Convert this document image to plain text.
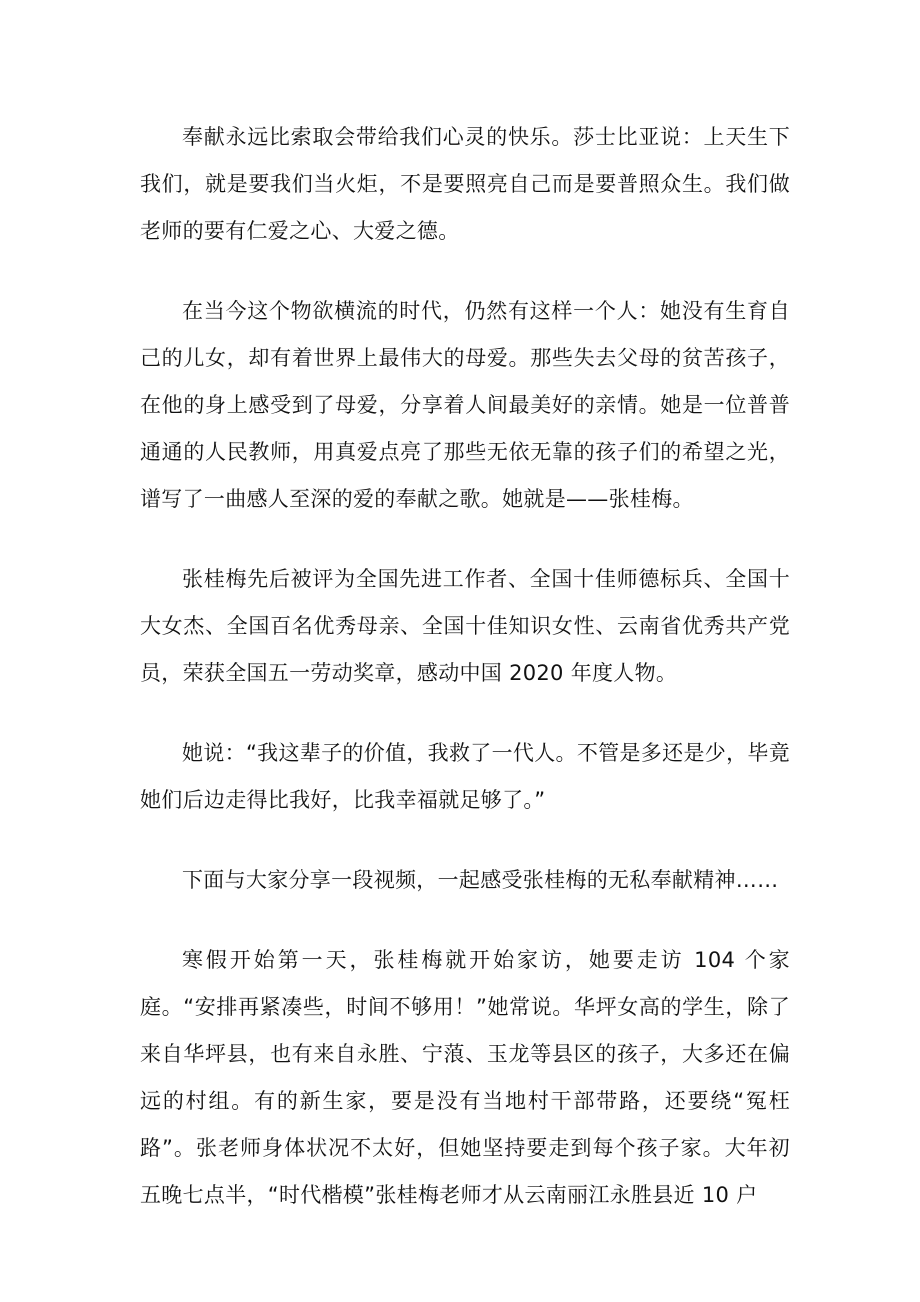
奉献永远比索取会带给我们心灵的快乐。莎士比亚说：上天生下我们，就是要我们当火炬，不是要照亮自己而是要普照众生。我们做老师的要有仁爱之心、大爱之德。

在当今这个物欲横流的时代，仍然有这样一个人：她没有生育自己的儿女，却有着世界上最伟大的母爱。那些失去父母的贫苦孩子，在他的身上感受到了母爱，分享着人间最美好的亲情。她是一位普普通通的人民教师，用真爱点亮了那些无依无靠的孩子们的希望之光，谱写了一曲感人至深的爱的奉献之歌。她就是——张桂梅。

张桂梅先后被评为全国先进工作者、全国十佳师德标兵、全国十大女杰、全国百名优秀母亲、全国十佳知识女性、云南省优秀共产党员，荣获全国五一劳动奖章，感动中国 2020 年度人物。

她说：“我这辈子的价值，我救了一代人。不管是多还是少，毕竟她们后边走得比我好，比我幸福就足够了。”

下面与大家分享一段视频，一起感受张桂梅的无私奉献精神……

寒假开始第一天，张桂梅就开始家访，她要走访 104 个家庭。“安排再紧凑些，时间不够用！”她常说。华坪女高的学生，除了来自华坪县，也有来自永胜、宁蒗、玉龙等县区的孩子，大多还在偏远的村组。有的新生家，要是没有当地村干部带路，还要绕“冤枉路”。张老师身体状况不太好，但她坚持要走到每个孩子家。大年初五晚七点半，“时代楷模”张桂梅老师才从云南丽江永胜县近 10 户
